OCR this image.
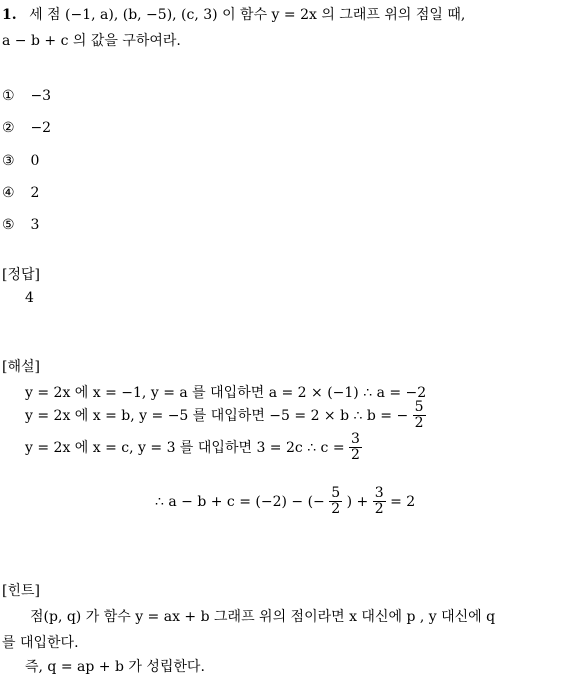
1. 세 점 (−1, a), (b, −5), (c, 3) 이 함수 y = 2x 의 그래프 위의 점일 때,
a − b + c 의 값을 구하여라.
① −3
② −2
③ 0
④ 2
⑤ 3
[정답]
4
[해설]
y = 2x 에 x = −1, y = a 를 대입하면 a = 2 × (−1) ∴ a = −2
y = 2x 에 x = b, y = −5 를 대입하면 −5 = 2 × b ∴ b = − $\frac{5}{2}$
y = 2x 에 x = c, y = 3 를 대입하면 3 = 2c ∴ $c = \frac{3}{2}$
∴ a − b + c = (−2) − (− $\frac{5}{2}$ ) + $\frac{3}{2} = 2$
[힌트]
점(p, q) 가 함수 y = ax + b 그래프 위의 점이라면 x 대신에 p , y 대신에 q
를 대입한다.
즉, q = ap + b 가 성립한다.
